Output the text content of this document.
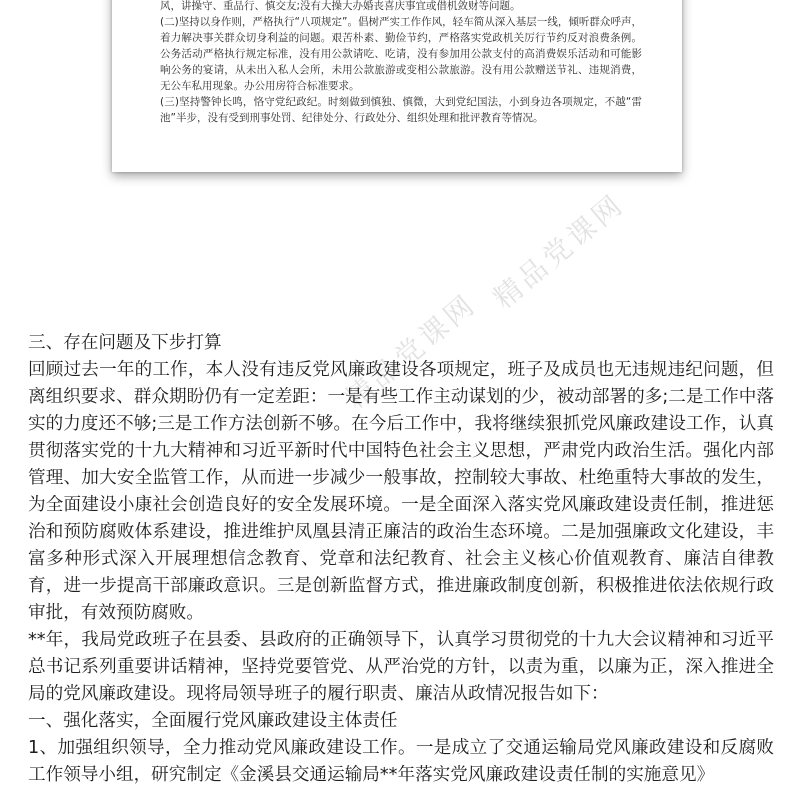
风，讲操守、重品行、慎交友;没有大操大办婚丧喜庆事宜或借机敛财等问题。

(二)坚持以身作则，严格执行“八项规定”。倡树严实工作作风，轻车简从深入基层一线，倾听群众呼声，着力解决事关群众切身利益的问题。艰苦朴素、勤俭节约，严格落实党政机关厉行节约反对浪费条例。公务活动严格执行规定标准，没有用公款请吃、吃请，没有参加用公款支付的高消费娱乐活动和可能影响公务的宴请，从未出入私人会所，未用公款旅游或变相公款旅游。没有用公款赠送节礼、违规消费，无公车私用现象。办公用房符合标准要求。

(三)坚持警钟长鸣，恪守党纪政纪。时刻做到慎独、慎微，大到党纪国法，小到身边各项规定，不越“雷池”半步，没有受到刑事处罚、纪律处分、行政处分、组织处理和批评教育等情况。

精品党课网
精品党课网

三、存在问题及下步打算

回顾过去一年的工作，本人没有违反党风廉政建设各项规定，班子及成员也无违规违纪问题，但离组织要求、群众期盼仍有一定差距：一是有些工作主动谋划的少，被动部署的多;二是工作中落实的力度还不够;三是工作方法创新不够。在今后工作中，我将继续狠抓党风廉政建设工作，认真贯彻落实党的十九大精神和习近平新时代中国特色社会主义思想，严肃党内政治生活。强化内部管理、加大安全监管工作，从而进一步减少一般事故，控制较大事故、杜绝重特大事故的发生，为全面建设小康社会创造良好的安全发展环境。一是全面深入落实党风廉政建设责任制，推进惩治和预防腐败体系建设，推进维护凤凰县清正廉洁的政治生态环境。二是加强廉政文化建设，丰富多种形式深入开展理想信念教育、党章和法纪教育、社会主义核心价值观教育、廉洁自律教育，进一步提高干部廉政意识。三是创新监督方式，推进廉政制度创新，积极推进依法依规行政审批，有效预防腐败。

**年，我局党政班子在县委、县政府的正确领导下，认真学习贯彻党的十九大会议精神和习近平总书记系列重要讲话精神，坚持党要管党、从严治党的方针，以责为重，以廉为正，深入推进全局的党风廉政建设。现将局领导班子的履行职责、廉洁从政情况报告如下：

一、强化落实，全面履行党风廉政建设主体责任

1、加强组织领导，全力推动党风廉政建设工作。一是成立了交通运输局党风廉政建设和反腐败工作领导小组，研究制定《金溪县交通运输局**年落实党风廉政建设责任制的实施意见》
